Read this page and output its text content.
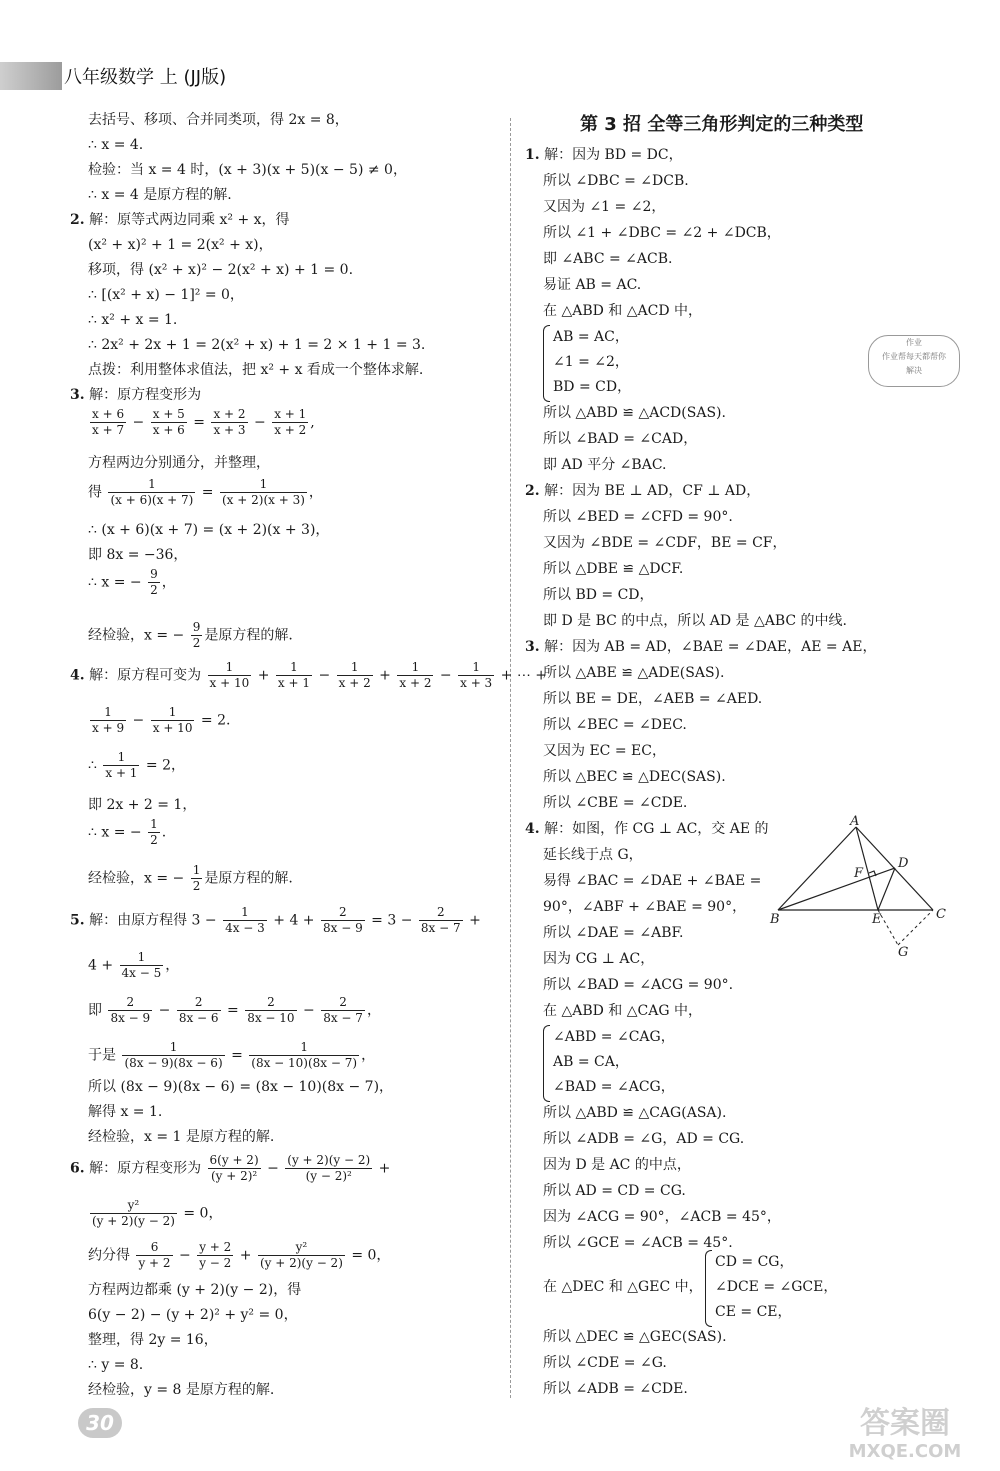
八年级数学 上 (JJ版)
去括号、移项、合并同类项，得 2x = 8，
∴ x = 4.
检验：当 x = 4 时，(x + 3)(x + 5)(x − 5) ≠ 0，
∴ x = 4 是原方程的解.
2. 解：原等式两边同乘 x² + x，得
(x² + x)² + 1 = 2(x² + x)，
移项，得 (x² + x)² − 2(x² + x) + 1 = 0.
∴ [(x² + x) − 1]² = 0，
∴ x² + x = 1.
∴ 2x² + 2x + 1 = 2(x² + x) + 1 = 2 × 1 + 1 = 3.
点拨：利用整体求值法，把 x² + x 看成一个整体求解.
3. 解：原方程变形为
$\frac{x + 6}{x + 7} - \frac{x + 5}{x + 6} = \frac{x + 2}{x + 3} - \frac{x + 1}{x + 2}$ ,
方程两边分别通分，并整理，
得 $\frac{1}{(x + 6)(x + 7)} = \frac{1}{(x + 2)(x + 3)}$ ，
∴ (x + 6)(x + 7) = (x + 2)(x + 3)，
即 8x = −36，
∴ x = − $\frac{9}{2}$ ，
经检验，x = − $\frac{9}{2}$ 是原方程的解.
4. 解：原方程可变为 $\frac{1}{x + 10} + \frac{1}{x + 1} - \frac{1}{x + 2} + \frac{1}{x + 2} - \frac{1}{x + 3}$ + ⋯ +
$\frac{1}{x + 9} - \frac{1}{x + 10} = 2$.
∴ $\frac{1}{x + 1} = 2$，
即 2x + 2 = 1，
∴ x = − $\frac{1}{2}$ .
经检验，x = − $\frac{1}{2}$ 是原方程的解.
5. 解：由原方程得 $3 - \frac{1}{4x - 3} + 4 + \frac{2}{8x - 9} = 3 - \frac{2}{8x - 7}$ +
$4 + \frac{1}{4x - 5}$ ，
即 $\frac{2}{8x - 9} - \frac{2}{8x - 6} = \frac{2}{8x - 10} - \frac{2}{8x - 7}$ ，
于是 $\frac{1}{(8x - 9)(8x - 6)} = \frac{1}{(8x - 10)(8x - 7)}$ ，
所以 (8x − 9)(8x − 6) = (8x − 10)(8x − 7)，
解得 x = 1.
经检验，x = 1 是原方程的解.
6. 解：原方程变形为 $\frac{6(y + 2)}{\text{(y + 2)²}} - \frac{(y + 2)(y - 2)}{\text{(y − 2)²}}$ +
$\frac{\text{y²}}{(y + 2)(y - 2)} = 0$，
约分得 $\frac{6}{y + 2} - \frac{y + 2}{y - 2} + \frac{\text{y²}}{(y + 2)(y - 2)} = 0$，
方程两边都乘 (y + 2)(y − 2)，得
6(y − 2) − (y + 2)² + y² = 0，
整理，得 2y = 16，
∴ y = 8.
经检验，y = 8 是原方程的解.
第 3 招 全等三角形判定的三种类型
1. 解：因为 BD = DC，
所以 ∠DBC = ∠DCB.
又因为 ∠1 = ∠2，
所以 ∠1 + ∠DBC = ∠2 + ∠DCB，
即 ∠ABC = ∠ACB.
易证 AB = AC.
在 △ABD 和 △ACD 中，
AB = AC，
∠1 = ∠2，
BD = CD，
所以 △ABD ≌ △ACD(SAS).
所以 ∠BAD = ∠CAD，
即 AD 平分 ∠BAC.
2. 解：因为 BE ⊥ AD，CF ⊥ AD，
所以 ∠BED = ∠CFD = 90°.
又因为 ∠BDE = ∠CDF，BE = CF，
所以 △DBE ≌ △DCF.
所以 BD = CD，
即 D 是 BC 的中点，所以 AD 是 △ABC 的中线.
3. 解：因为 AB = AD，∠BAE = ∠DAE，AE = AE，
所以 △ABE ≌ △ADE(SAS).
所以 BE = DE，∠AEB = ∠AED.
所以 ∠BEC = ∠DEC.
又因为 EC = EC，
所以 △BEC ≌ △DEC(SAS).
所以 ∠CBE = ∠CDE.
4. 解：如图，作 CG ⊥ AC，交 AE 的
延长线于点 G，
易得 ∠BAC = ∠DAE + ∠BAE =
90°，∠ABF + ∠BAE = 90°，
所以 ∠DAE = ∠ABF.
因为 CG ⊥ AC，
所以 ∠BAD = ∠ACG = 90°.
在 △ABD 和 △CAG 中，
∠ABD = ∠CAG，
AB = CA，
∠BAD = ∠ACG，
所以 △ABD ≌ △CAG(ASA).
所以 ∠ADB = ∠G，AD = CG.
因为 D 是 AC 的中点，
所以 AD = CD = CG.
因为 ∠ACG = 90°，∠ACB = 45°，
所以 ∠GCE = ∠ACB = 45°.
在 △DEC 和 △GEC 中，
CD = CG，
∠DCE = ∠GCE，
CE = CE，
所以 △DEC ≌ △GEC(SAS).
所以 ∠CDE = ∠G.
所以 ∠ADB = ∠CDE.
A
B	C
D
E
F
G
作业
作业帮每天都帮你
解决
30	答案圈
MXQE.COM
